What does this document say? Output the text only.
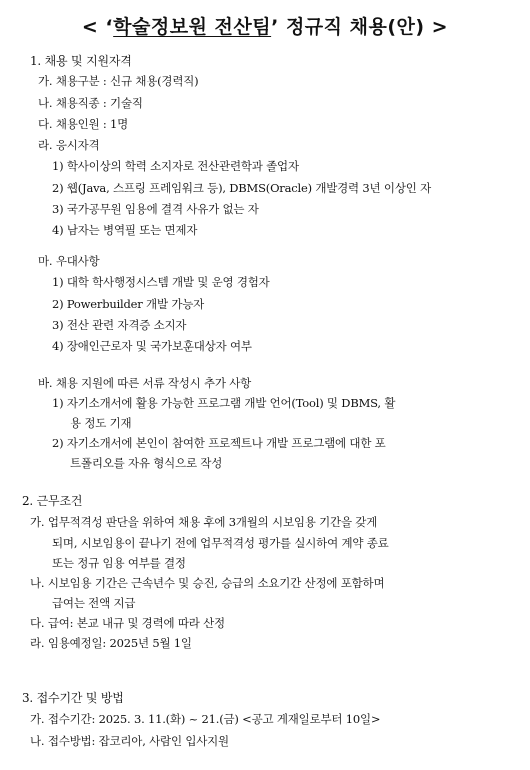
< ‘학술정보원 전산팀’ 정규직 채용(안) >
1. 채용 및 지원자격
가. 채용구분 : 신규 채용(경력직)
나. 채용직종 : 기술직
다. 채용인원 : 1명
라. 응시자격
1) 학사이상의 학력 소지자로 전산관련학과 졸업자
2) 웹(Java, 스프링 프레임워크 등), DBMS(Oracle) 개발경력 3년 이상인 자
3) 국가공무원 임용에 결격 사유가 없는 자
4) 남자는 병역필 또는 면제자
마. 우대사항
1) 대학 학사행정시스템 개발 및 운영 경험자
2) Powerbuilder 개발 가능자
3) 전산 관련 자격증 소지자
4) 장애인근로자 및 국가보훈대상자 여부
바. 채용 지원에 따른 서류 작성시 추가 사항
1) 자기소개서에 활용 가능한 프로그램 개발 언어(Tool) 및 DBMS, 활
용 정도 기재
2) 자기소개서에 본인이 참여한 프로젝트나 개발 프로그램에 대한 포
트폴리오를 자유 형식으로 작성
2. 근무조건
가. 업무적격성 판단을 위하여 채용 후에 3개월의 시보임용 기간을 갖게
되며, 시보임용이 끝나기 전에 업무적격성 평가를 실시하여 계약 종료
또는 정규 임용 여부를 결정
나. 시보임용 기간은 근속년수 및 승진, 승급의 소요기간 산정에 포함하며
급여는 전액 지급
다. 급여: 본교 내규 및 경력에 따라 산정
라. 임용예정일: 2025년 5월 1일
3. 접수기간 및 방법
가. 접수기간: 2025. 3. 11.(화) ~ 21.(금) <공고 게재일로부터 10일>
나. 접수방법: 잡코리아, 사람인 입사지원
